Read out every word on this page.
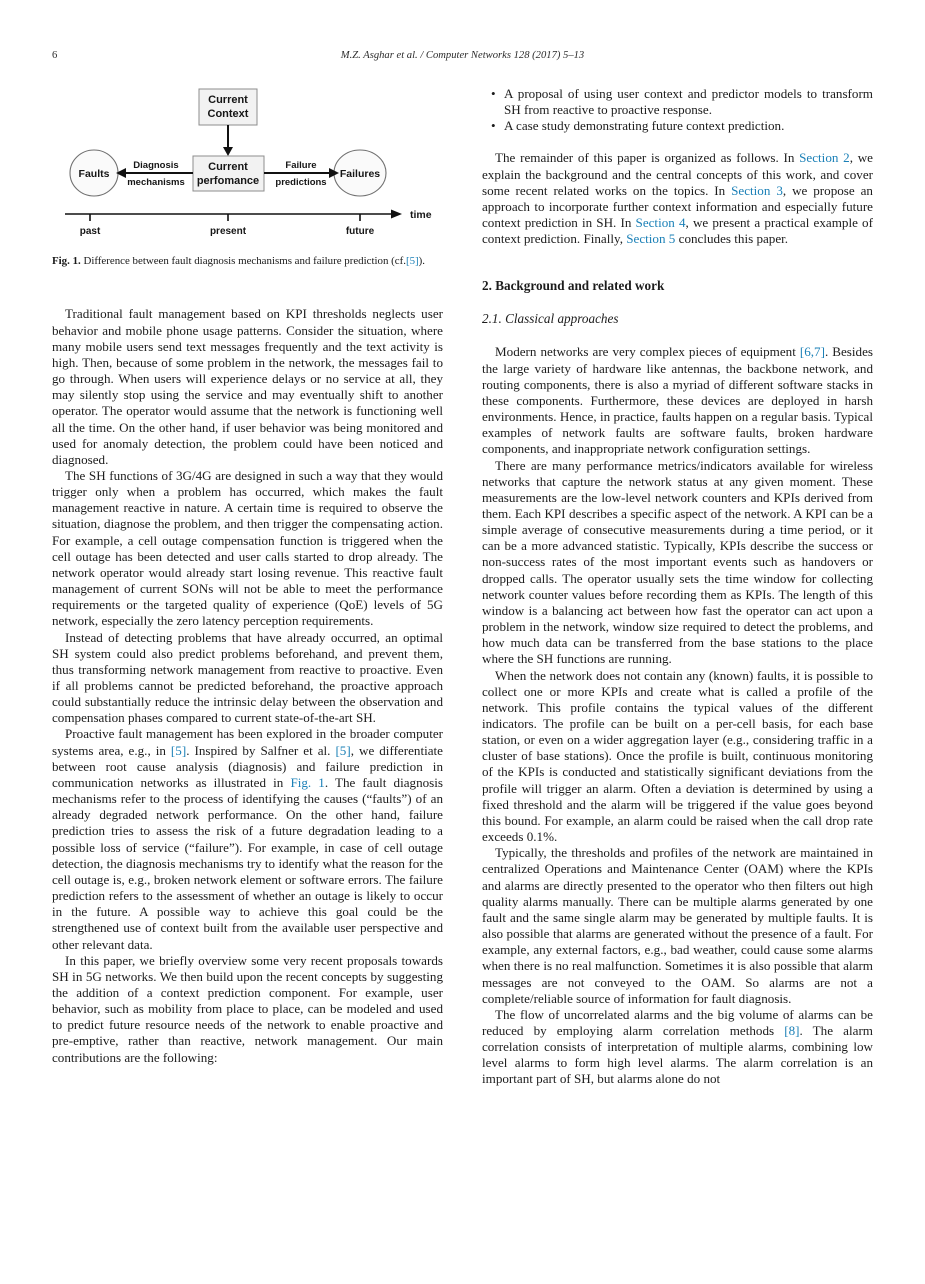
6	M.Z. Asghar et al. / Computer Networks 128 (2017) 5–13
Current
Context
Current
perfomance
Faults	Failures
Diagnosis
mechanisms
Failure
predictions
time
past	present	future
Fig. 1. Difference between fault diagnosis mechanisms and failure prediction (cf.[5]).

Traditional fault management based on KPI thresholds neglects user behavior and mobile phone usage patterns. Consider the situation, where many mobile users send text messages frequently and the text activity is high. Then, because of some problem in the network, the messages fail to go through. When users will experience delays or no service at all, they may silently stop using the service and may eventually shift to another operator. The operator would assume that the network is functioning well all the time. On the other hand, if user behavior was being monitored and used for anomaly detection, the problem could have been noticed and diagnosed.

The SH functions of 3G/4G are designed in such a way that they would trigger only when a problem has occurred, which makes the fault management reactive in nature. A certain time is required to observe the situation, diagnose the problem, and then trigger the compensating action. For example, a cell outage compensation function is triggered when the cell outage has been detected and user calls started to drop already. The network operator would already start losing revenue. This reactive fault management of current SONs will not be able to meet the performance requirements or the targeted quality of experience (QoE) levels of 5G network, especially the zero latency perception requirements.

Instead of detecting problems that have already occurred, an optimal SH system could also predict problems beforehand, and prevent them, thus transforming network management from reactive to proactive. Even if all problems cannot be predicted beforehand, the proactive approach could substantially reduce the intrinsic delay between the observation and compensation phases compared to current state-of-the-art SH.

Proactive fault management has been explored in the broader computer systems area, e.g., in [5]. Inspired by Salfner et al. [5], we differentiate between root cause analysis (diagnosis) and failure prediction in communication networks as illustrated in Fig. 1. The fault diagnosis mechanisms refer to the process of identifying the causes (“faults”) of an already degraded network performance. On the other hand, failure prediction tries to assess the risk of a future degradation leading to a possible loss of service (“failure”). For example, in case of cell outage detection, the diagnosis mechanisms try to identify what the reason for the cell outage is, e.g., broken network element or software errors. The failure prediction refers to the assessment of whether an outage is likely to occur in the future. A possible way to achieve this goal could be the strengthened use of context built from the available user perspective and other relevant data.

In this paper, we briefly overview some very recent proposals towards SH in 5G networks. We then build upon the recent concepts by suggesting the addition of a context prediction component. For example, user behavior, such as mobility from place to place, can be modeled and used to predict future resource needs of the network to enable proactive and pre-emptive, rather than reactive, network management. Our main contributions are the following:

• A proposal of using user context and predictor models to transform SH from reactive to proactive response.
• A case study demonstrating future context prediction.

The remainder of this paper is organized as follows. In Section 2, we explain the background and the central concepts of this work, and cover some recent related works on the topics. In Section 3, we propose an approach to incorporate further context information and especially future context prediction in SH. In Section 4, we present a practical example of context prediction. Finally, Section 5 concludes this paper.

2. Background and related work
2.1. Classical approaches

Modern networks are very complex pieces of equipment [6,7]. Besides the large variety of hardware like antennas, the backbone network, and routing components, there is also a myriad of different software stacks in these components. Furthermore, these devices are deployed in harsh environments. Hence, in practice, faults happen on a regular basis. Typical examples of network faults are software faults, broken hardware components, and inappropriate network configuration settings.

There are many performance metrics/indicators available for wireless networks that capture the network status at any given moment. These measurements are the low-level network counters and KPIs derived from them. Each KPI describes a specific aspect of the network. A KPI can be a simple average of consecutive measurements during a time period, or it can be a more advanced statistic. Typically, KPIs describe the success or non-success rates of the most important events such as handovers or dropped calls. The operator usually sets the time window for collecting network counter values before recording them as KPIs. The length of this window is a balancing act between how fast the operator can act upon a problem in the network, window size required to detect the problems, and how much data can be transferred from the base stations to the place where the SH functions are running.

When the network does not contain any (known) faults, it is possible to collect one or more KPIs and create what is called a profile of the network. This profile contains the typical values of the different indicators. The profile can be built on a per-cell basis, for each base station, or even on a wider aggregation layer (e.g., considering traffic in a cluster of base stations). Once the profile is built, continuous monitoring of the KPIs is conducted and statistically significant deviations from the profile will trigger an alarm. Often a deviation is determined by using a fixed threshold and the alarm will be triggered if the value goes beyond this bound. For example, an alarm could be raised when the call drop rate exceeds 0.1%.

Typically, the thresholds and profiles of the network are maintained in centralized Operations and Maintenance Center (OAM) where the KPIs and alarms are directly presented to the operator who then filters out high quality alarms manually. There can be multiple alarms generated by one fault and the same single alarm may be generated by multiple faults. It is also possible that alarms are generated without the presence of a fault. For example, any external factors, e.g., bad weather, could cause some alarms when there is no real malfunction. Sometimes it is also possible that alarm messages are not conveyed to the OAM. So alarms are not a complete/reliable source of information for fault diagnosis.

The flow of uncorrelated alarms and the big volume of alarms can be reduced by employing alarm correlation methods [8]. The alarm correlation consists of interpretation of multiple alarms, combining low level alarms to form high level alarms. The alarm correlation is an important part of SH, but alarms alone do not
